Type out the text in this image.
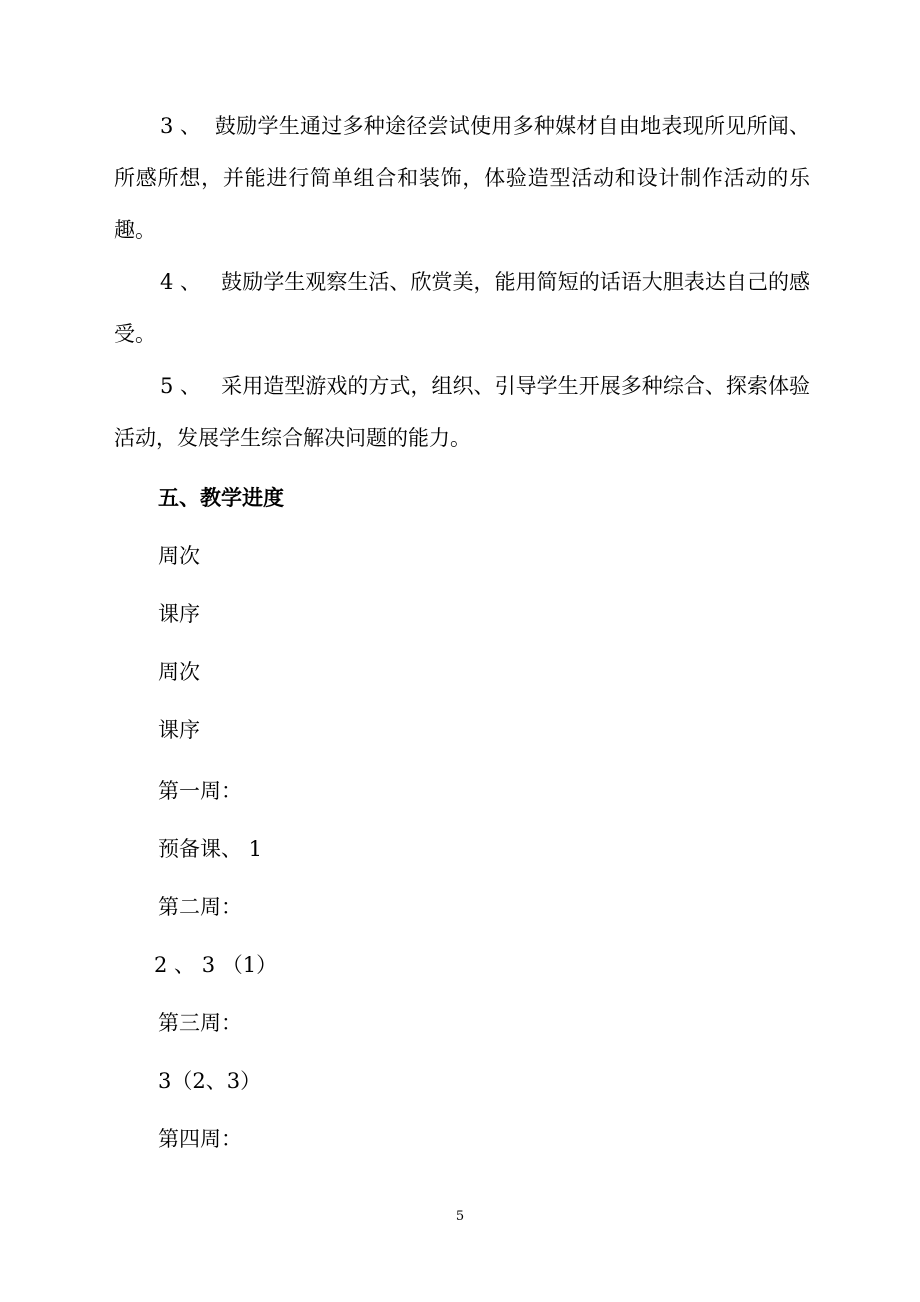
3 、 鼓励学生通过多种途径尝试使用多种媒材自由地表现所见所闻、所感所想，并能进行简单组合和装饰，体验造型活动和设计制作活动的乐趣。

4 、 鼓励学生观察生活、欣赏美，能用简短的话语大胆表达自己的感受。

5 、 采用造型游戏的方式，组织、引导学生开展多种综合、探索体验活动，发展学生综合解决问题的能力。

五、教学进度

周次

课序

周次

课序

第一周：

预备课、 1

第二周：

2 、 3 （1）

第三周：

3（2、3）

第四周：

5
